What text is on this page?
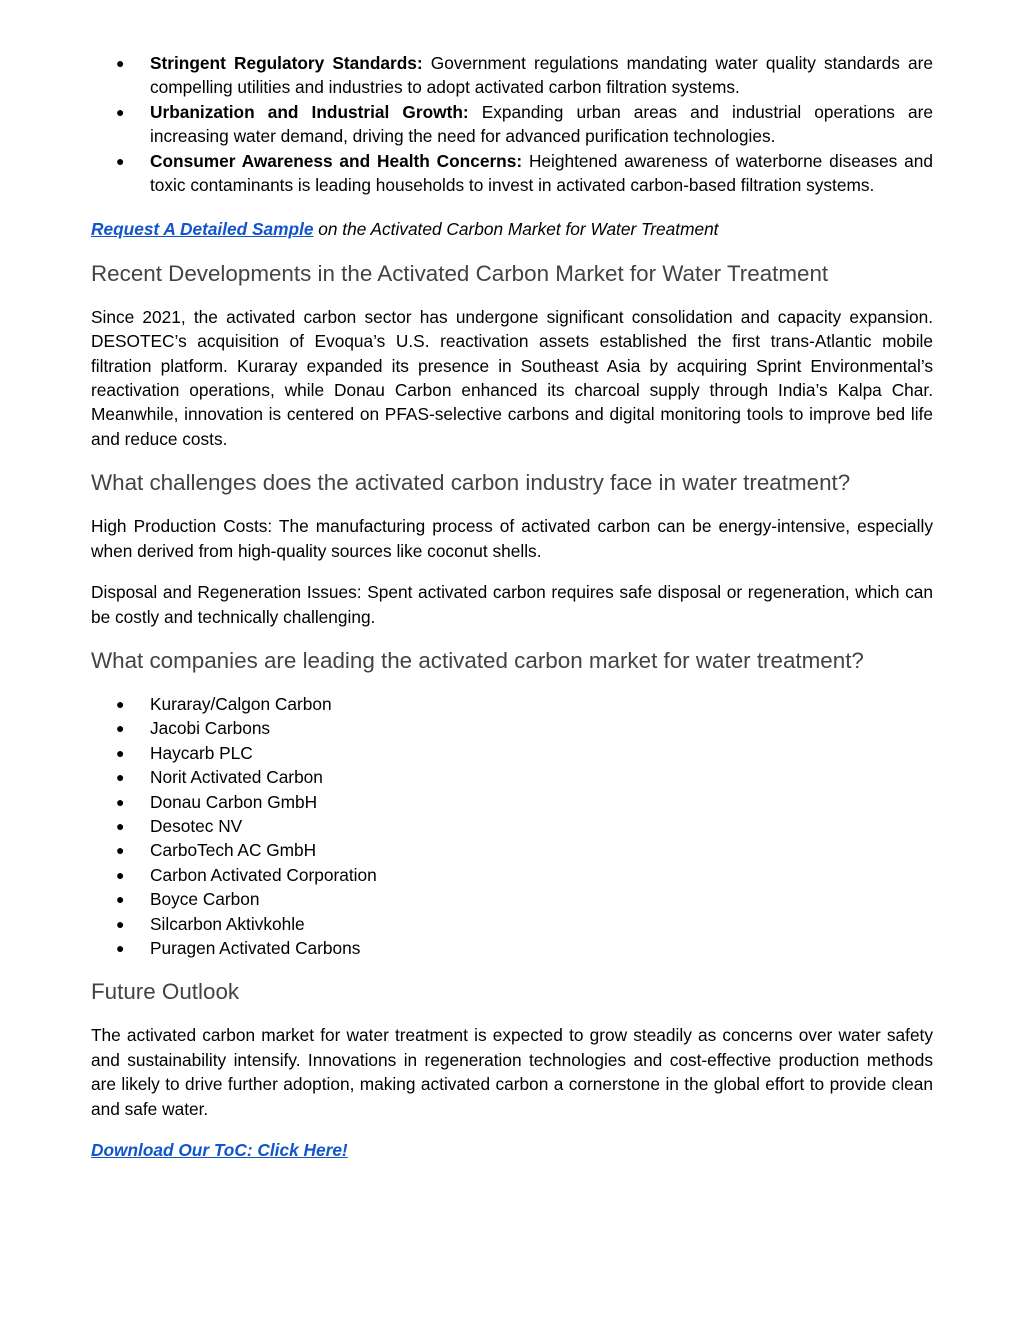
● Stringent Regulatory Standards: Government regulations mandating water quality standards are compelling utilities and industries to adopt activated carbon filtration systems.
● Urbanization and Industrial Growth: Expanding urban areas and industrial operations are increasing water demand, driving the need for advanced purification technologies.
● Consumer Awareness and Health Concerns: Heightened awareness of waterborne diseases and toxic contaminants is leading households to invest in activated carbon-based filtration systems.

Request A Detailed Sample on the Activated Carbon Market for Water Treatment

Recent Developments in the Activated Carbon Market for Water Treatment

Since 2021, the activated carbon sector has undergone significant consolidation and capacity expansion. DESOTEC’s acquisition of Evoqua’s U.S. reactivation assets established the first trans-Atlantic mobile filtration platform. Kuraray expanded its presence in Southeast Asia by acquiring Sprint Environmental’s reactivation operations, while Donau Carbon enhanced its charcoal supply through India’s Kalpa Char. Meanwhile, innovation is centered on PFAS-selective carbons and digital monitoring tools to improve bed life and reduce costs.

What challenges does the activated carbon industry face in water treatment?

High Production Costs: The manufacturing process of activated carbon can be energy-intensive, especially when derived from high-quality sources like coconut shells.

Disposal and Regeneration Issues: Spent activated carbon requires safe disposal or regeneration, which can be costly and technically challenging.

What companies are leading the activated carbon market for water treatment?
● Kuraray/Calgon Carbon
● Jacobi Carbons
● Haycarb PLC
● Norit Activated Carbon
● Donau Carbon GmbH
● Desotec NV
● CarboTech AC GmbH
● Carbon Activated Corporation
● Boyce Carbon
● Silcarbon Aktivkohle
● Puragen Activated Carbons
Future Outlook

The activated carbon market for water treatment is expected to grow steadily as concerns over water safety and sustainability intensify. Innovations in regeneration technologies and cost-effective production methods are likely to drive further adoption, making activated carbon a cornerstone in the global effort to provide clean and safe water.

Download Our ToC: Click Here!
